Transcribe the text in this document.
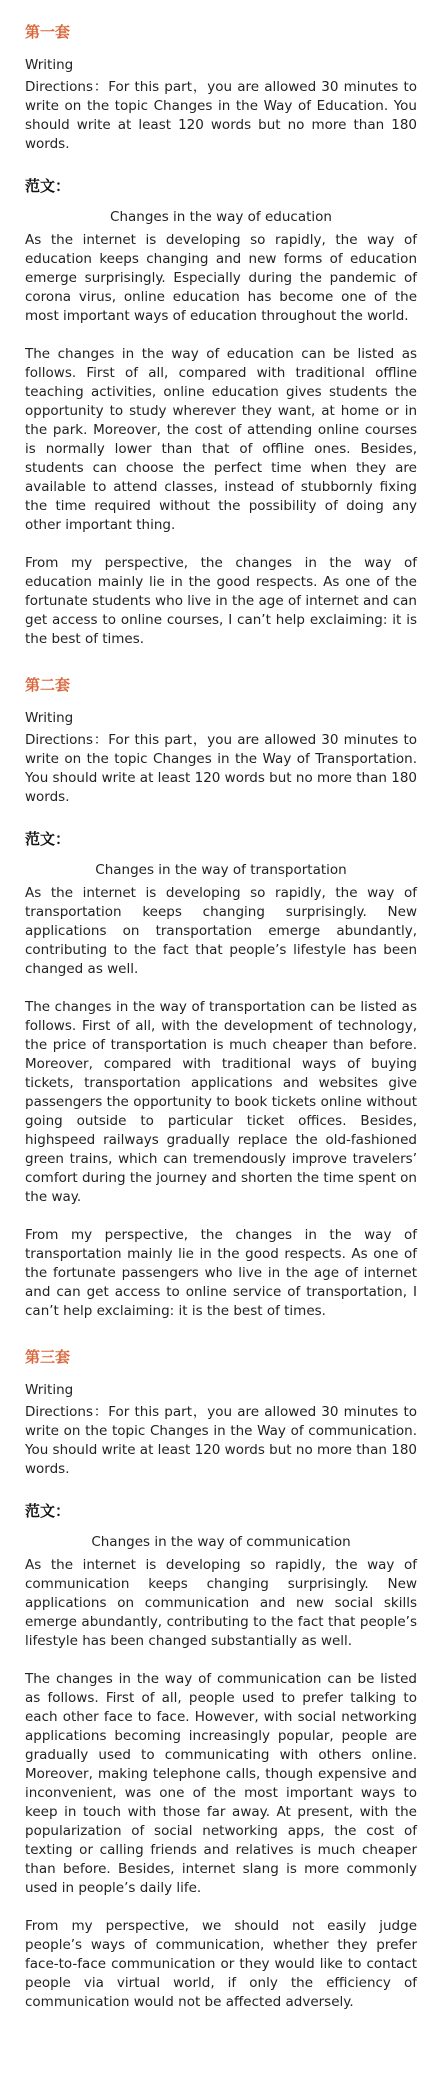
第一套
Writing
Directions：For this part，you are allowed 30 minutes to write on the topic Changes in the Way of Education. You should write at least 120 words but no more than 180 words.
范文：
Changes in the way of education

As the internet is developing so rapidly, the way of education keeps changing and new forms of education emerge surprisingly. Especially during the pandemic of corona virus, online education has become one of the most important ways of education throughout the world.

The changes in the way of education can be listed as follows. First of all, compared with traditional offline teaching activities, online education gives students the opportunity to study wherever they want, at home or in the park. Moreover, the cost of attending online courses is normally lower than that of offline ones. Besides, students can choose the perfect time when they are available to attend classes, instead of stubbornly fixing the time required without the possibility of doing any other important thing.

From my perspective, the changes in the way of education mainly lie in the good respects. As one of the fortunate students who live in the age of internet and can get access to online courses, I can’t help exclaiming: it is the best of times.

第二套
Writing
Directions：For this part，you are allowed 30 minutes to write on the topic Changes in the Way of Transportation. You should write at least 120 words but no more than 180 words.
范文：
Changes in the way of transportation

As the internet is developing so rapidly, the way of transportation keeps changing surprisingly. New applications on transportation emerge abundantly, contributing to the fact that people’s lifestyle has been changed as well.

The changes in the way of transportation can be listed as follows. First of all, with the development of technology, the price of transportation is much cheaper than before. Moreover, compared with traditional ways of buying tickets, transportation applications and websites give passengers the opportunity to book tickets online without going outside to particular ticket offices. Besides, highspeed railways gradually replace the old-fashioned green trains, which can tremendously improve travelers’ comfort during the journey and shorten the time spent on the way.

From my perspective, the changes in the way of transportation mainly lie in the good respects. As one of the fortunate passengers who live in the age of internet and can get access to online service of transportation, I can’t help exclaiming: it is the best of times.

第三套
Writing
Directions：For this part，you are allowed 30 minutes to write on the topic Changes in the Way of communication. You should write at least 120 words but no more than 180 words.
范文：
Changes in the way of communication

As the internet is developing so rapidly, the way of communication keeps changing surprisingly. New applications on communication and new social skills emerge abundantly, contributing to the fact that people’s lifestyle has been changed substantially as well.

The changes in the way of communication can be listed as follows. First of all, people used to prefer talking to each other face to face. However, with social networking applications becoming increasingly popular, people are gradually used to communicating with others online. Moreover, making telephone calls, though expensive and inconvenient, was one of the most important ways to keep in touch with those far away. At present, with the popularization of social networking apps, the cost of texting or calling friends and relatives is much cheaper than before. Besides, internet slang is more commonly used in people’s daily life.

From my perspective, we should not easily judge people’s ways of communication, whether they prefer face-to-face communication or they would like to contact people via virtual world, if only the efficiency of communication would not be affected adversely.
